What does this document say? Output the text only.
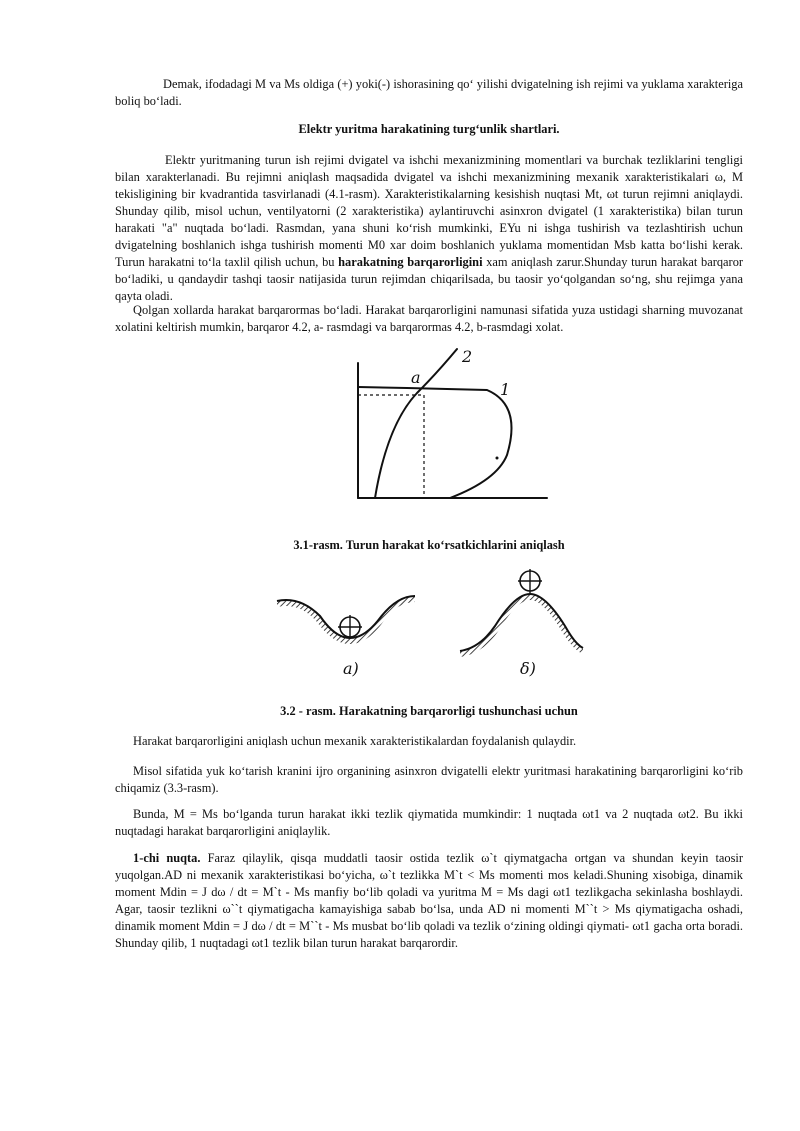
Demak, ifodadagi M va Ms oldiga (+) yoki(-) ishorasining qoʻ yilishi dvigatelning ish rejimi va yuklama xarakteriga boliq boʻladi.

Elektr yuritma harakatining turgʻunlik shartlari.

Elektr yuritmaning turun ish rejimi dvigatel va ishchi mexanizmining momentlari va burchak tezliklarini tengligi bilan xarakterlanadi. Bu rejimni aniqlash maqsadida dvigatel va ishchi mexanizmining mexanik xarakteristikalari ω, M tekisligining bir kvadrantida tasvirlanadi (4.1-rasm). Xarakteristikalarning kesishish nuqtasi Mt, ωt turun rejimni aniqlaydi. Shunday qilib, misol uchun, ventilyatorni (2 xarakteristika) aylantiruvchi asinxron dvigatel (1 xarakteristika) bilan turun harakati "a" nuqtada boʻladi. Rasmdan, yana shuni koʻrish mumkinki, EYu ni ishga tushirish va tezlashtirish uchun dvigatelning boshlanich ishga tushirish momenti M0 xar doim boshlanich yuklama momentidan Msb katta boʻlishi kerak. Turun harakatni toʻla taxlil qilish uchun, bu harakatning barqarorligini xam aniqlash zarur.Shunday turun harakat barqaror boʻladiki, u qandaydir tashqi taosir natijasida turun rejimdan chiqarilsada, bu taosir yoʻqolgandan soʻng, shu rejimga yana qayta oladi.

Qolgan xollarda harakat barqarormas boʻladi. Harakat barqarorligini namunasi sifatida yuza ustidagi sharning muvozanat xolatini keltirish mumkin, barqaror 4.2, a- rasmdagi va barqarormas 4.2, b-rasmdagi xolat.

a
2
1
3.1-rasm. Turun harakat koʻrsatkichlarini aniqlash
a)	δ)
3.2 - rasm. Harakatning barqarorligi tushunchasi uchun

Harakat barqarorligini aniqlash uchun mexanik xarakteristikalardan foydalanish qulaydir.

Misol sifatida yuk koʻtarish kranini ijro organining asinxron dvigatelli elektr yuritmasi harakatining barqarorligini koʻrib chiqamiz (3.3-rasm).

Bunda, M = Ms boʻlganda turun harakat ikki tezlik qiymatida mumkindir: 1 nuqtada ωt1 va 2 nuqtada ωt2. Bu ikki nuqtadagi harakat barqarorligini aniqlaylik.

1-chi nuqta. Faraz qilaylik, qisqa muddatli taosir ostida tezlik ω`t qiymatgacha ortgan va shundan keyin taosir yuqolgan.AD ni mexanik xarakteristikasi boʻyicha, ω`t tezlikka M`t < Ms momenti mos keladi.Shuning xisobiga, dinamik moment Mdin = J dω / dt = M`t - Ms manfiy boʻlib qoladi va yuritma M = Ms dagi ωt1 tezlikgacha sekinlasha boshlaydi. Agar, taosir tezlikni ω``t qiymatigacha kamayishiga sabab boʻlsa, unda AD ni momenti M``t > Ms qiymatigacha oshadi, dinamik moment Mdin = J dω / dt = M``t - Ms musbat boʻlib qoladi va tezlik oʻzining oldingi qiymati- ωt1 gacha orta boradi. Shunday qilib, 1 nuqtadagi ωt1 tezlik bilan turun harakat barqarordir.
